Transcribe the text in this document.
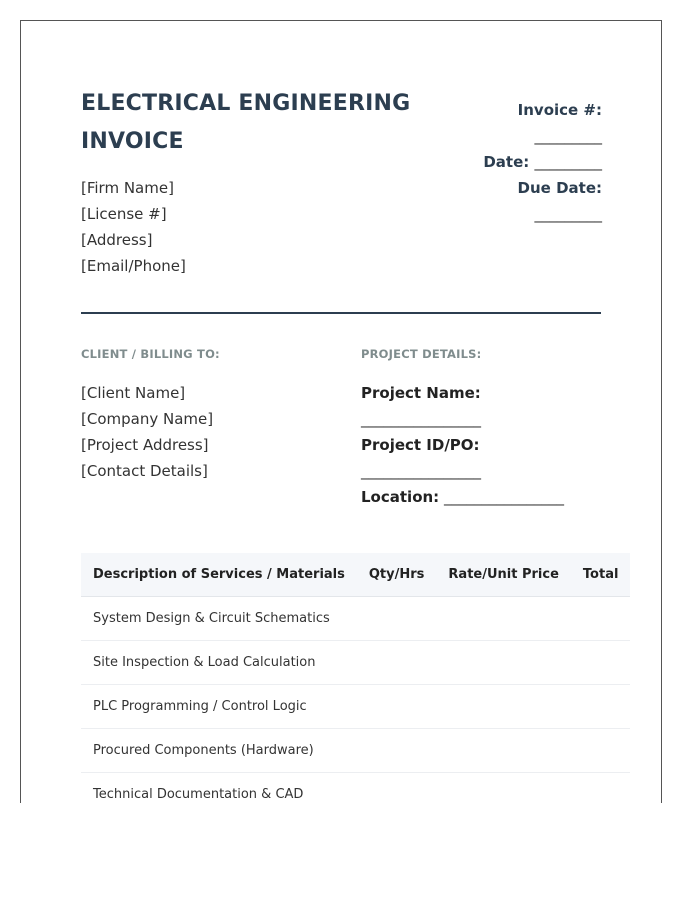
ELECTRICAL ENGINEERING INVOICE
[Firm Name]
[License #]
[Address]
[Email/Phone]
Invoice #:
_________
Date: _________
Due Date:
_________
CLIENT / BILLING TO:	PROJECT DETAILS:
[Client Name]
[Company Name]
[Project Address]
[Contact Details]
Project Name:
________________
Project ID/PO:
________________
Location: ________________
Description of Services / Materials	Qty/Hrs	Rate/Unit Price	Total
System Design & Circuit Schematics			
Site Inspection & Load Calculation			
PLC Programming / Control Logic			
Procured Components (Hardware)			
Technical Documentation & CAD			
